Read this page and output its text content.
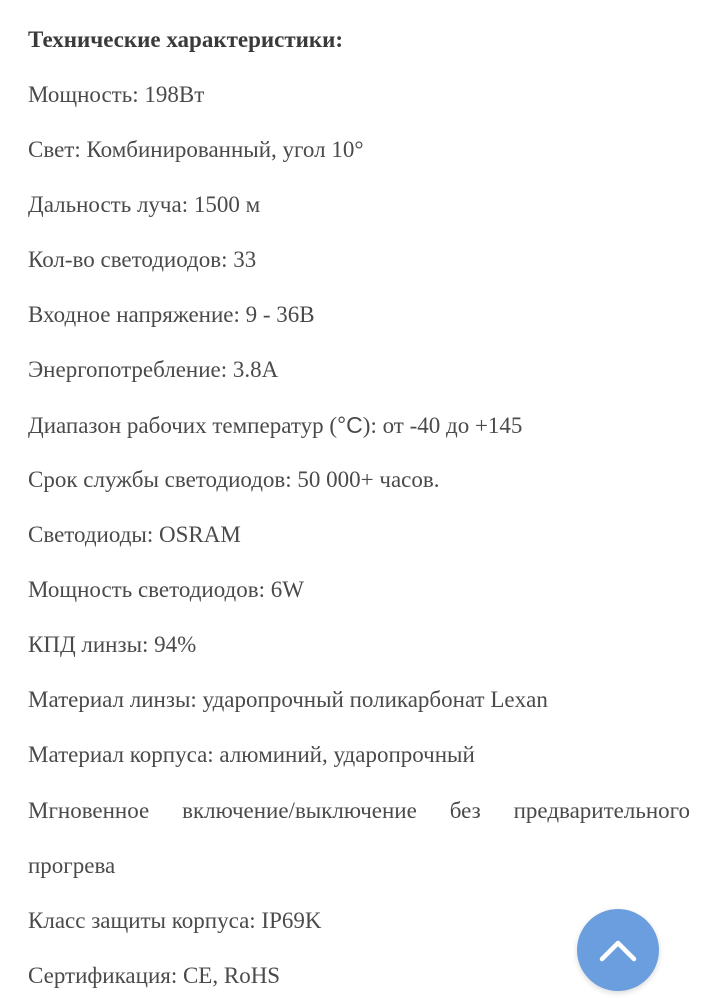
Технические характеристики:
Мощность: 198Вт
Свет: Комбинированный, угол 10°
Дальность луча: 1500 м
Кол-во светодиодов: 33
Входное напряжение: 9 - 36В
Энергопотребление: 3.8А
Диапазон рабочих температур (°C): от -40 до +145
Срок службы светодиодов: 50 000+ часов.
Светодиоды: OSRAM
Мощность светодиодов: 6W
КПД линзы: 94%
Материал линзы: ударопрочный поликарбонат Lexan
Материал корпуса: алюминий, ударопрочный
Мгновенное включение/выключение без предварительного прогрева
Класс защиты корпуса: IP69K
Сертификация: CE, RoHS
